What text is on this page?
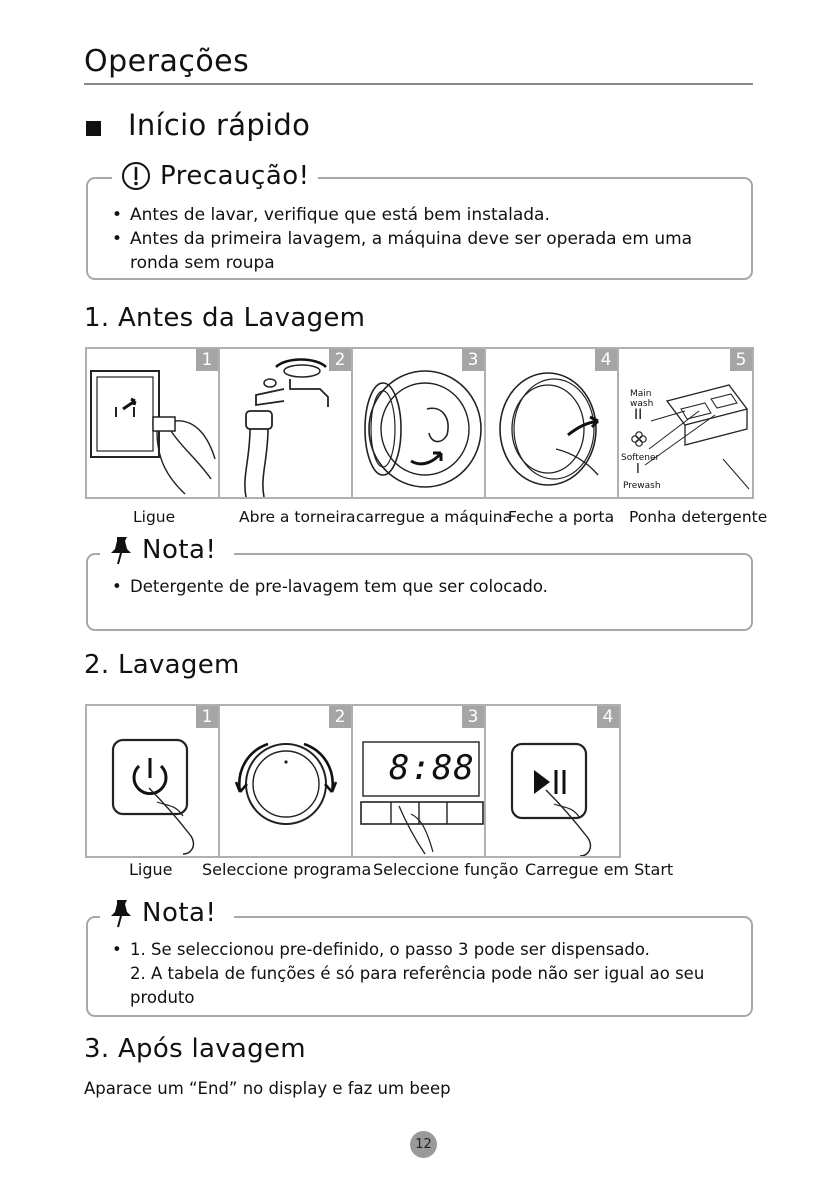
Operações
Início rápido
• Antes de lavar, verifique que está bem instalada.
• Antes da primeira lavagem, a máquina deve ser operada em uma ronda sem roupa
Precaução!
1. Antes da Lavagem
1	2	3	4
Main
wash
II
Softener
I
Prewash
5
Ligue	Abre a torneira carregue a máquina
Feche a porta Ponha detergente
• Detergente de pre-lavagem tem que ser colocado.
Nota!
2. Lavagem
1	2
8:88
3	4
Ligue Seleccione programa Seleccione função Carregue em Start
• 1. Se seleccionou pre-definido, o passo 3 pode ser dispensado.
2. A tabela de funções é só para referência pode não ser igual ao seu produto
Nota!
3. Após lavagem
Aparace um “End” no display e faz um beep
12
